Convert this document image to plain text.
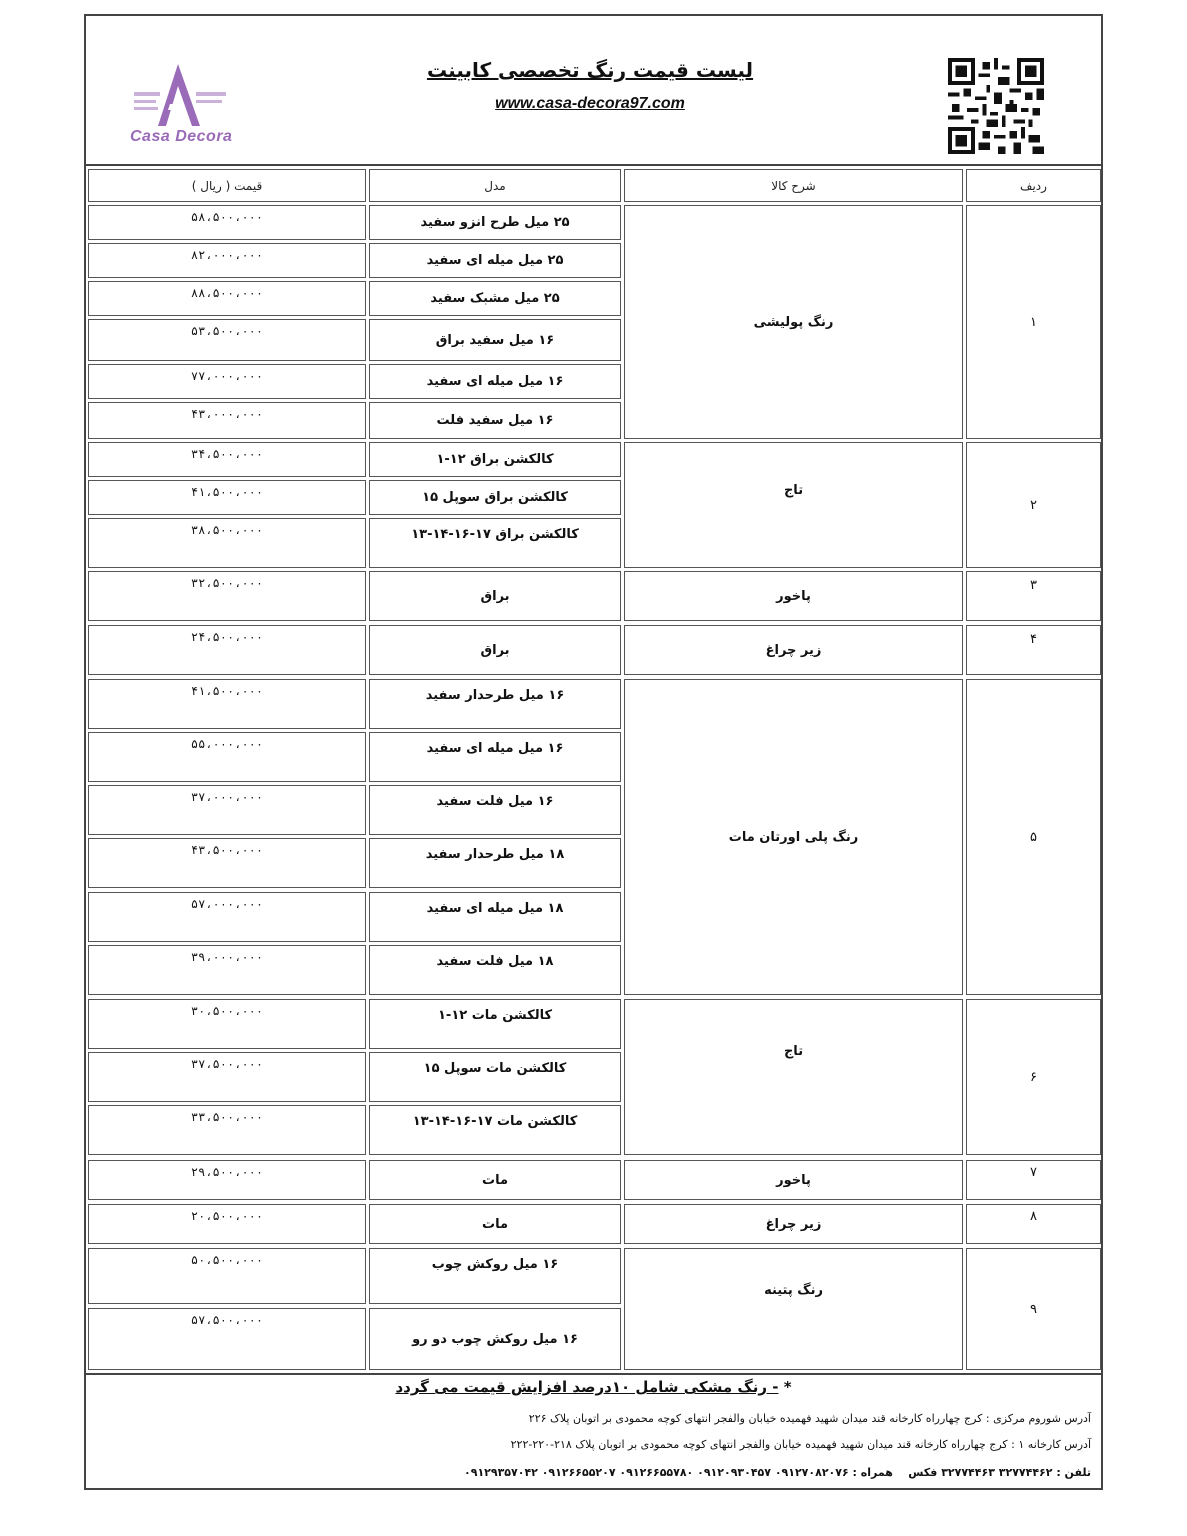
Casa Decora
لیست قیمت رنگ تخصصی کابینت
www.casa-decora97.com
ردیف
شرح کالا
مدل
قیمت ( ریال )
۱
۲
۳
۴
۵
۶
۷
۸
۹
رنگ پولیشی
تاج
پاخور
زیر چراغ
رنگ پلی اورتان مات
تاج
پاخور
زیر چراغ
رنگ پتینه
۲۵ میل طرح انزو سفید
۵۸،۵۰۰،۰۰۰
۲۵ میل میله ای سفید
۸۲،۰۰۰،۰۰۰
۲۵ میل مشبک سفید
۸۸،۵۰۰،۰۰۰
۱۶ میل سفید براق
۵۳،۵۰۰،۰۰۰
۱۶ میل میله ای سفید
۷۷،۰۰۰،۰۰۰
۱۶ میل سفید فلت
۴۳،۰۰۰،۰۰۰
کالکشن براق ۱۲-۱
۳۴،۵۰۰،۰۰۰
کالکشن براق سوپل ۱۵
۴۱،۵۰۰،۰۰۰
کالکشن براق ۱۷-۱۶-۱۴-۱۳
۳۸،۵۰۰،۰۰۰
براق
۳۲،۵۰۰،۰۰۰
براق
۲۴،۵۰۰،۰۰۰
۱۶ میل طرحدار سفید
۴۱،۵۰۰،۰۰۰
۱۶ میل میله ای سفید
۵۵،۰۰۰،۰۰۰
۱۶ میل فلت سفید
۳۷،۰۰۰،۰۰۰
۱۸ میل طرحدار سفید
۴۳،۵۰۰،۰۰۰
۱۸ میل میله ای سفید
۵۷،۰۰۰،۰۰۰
۱۸ میل فلت سفید
۳۹،۰۰۰،۰۰۰
کالکشن مات ۱۲-۱
۳۰،۵۰۰،۰۰۰
کالکشن مات سوپل ۱۵
۳۷،۵۰۰،۰۰۰
کالکشن مات ۱۷-۱۶-۱۴-۱۳
۳۳،۵۰۰،۰۰۰
مات
۲۹،۵۰۰،۰۰۰
مات
۲۰،۵۰۰،۰۰۰
۱۶ میل روکش چوب
۵۰،۵۰۰،۰۰۰
۱۶ میل روکش چوب دو رو
۵۷،۵۰۰،۰۰۰
* - رنگ مشکی شامل ۱۰درصد افزایش قیمت می گردد
آدرس شوروم مرکزی : کرج چهارراه کارخانه قند میدان شهید فهمیده خیابان والفجر انتهای کوچه محمودی بر اتوبان پلاک ۲۲۶
آدرس کارخانه ۱ : کرج چهارراه کارخانه قند میدان شهید فهمیده خیابان والفجر انتهای کوچه محمودی بر اتوبان پلاک ۲۱۸-۲۲۰-۲۲۲
تلفن : ۳۲۷۷۴۴۶۲ ۳۲۷۷۴۴۶۳ فکس    همراه : ۰۹۱۲۷۰۸۲۰۷۶ ۰۹۱۲۰۹۳۰۴۵۷ ۰۹۱۲۶۶۵۵۷۸۰ ۰۹۱۲۶۶۵۵۲۰۷ ۰۹۱۲۹۳۵۷۰۴۲
